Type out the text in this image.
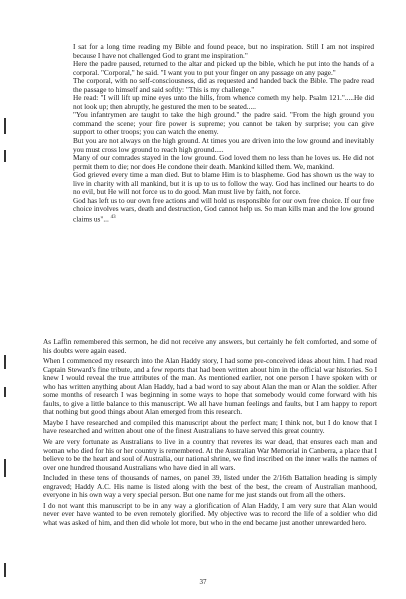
I sat for a long time reading my Bible and found peace, but no inspiration. Still I am not inspired because I have not challenged God to grant me inspiration."

Here the padre paused, returned to the altar and picked up the bible, which he put into the hands of a corporal. "Corporal," he said. "I want you to put your finger on any passage on any page."

The corporal, with no self-consciousness, did as requested and handed back the Bible. The padre read the passage to himself and said softly: "This is my challenge."

He read: "I will lift up mine eyes unto the hills, from whence cometh my help. Psalm 121.".....He did not look up; then abruptly, he gestured the men to be seated.....

"You infantrymen are taught to take the high ground." the padre said. "From the high ground you command the scene; your fire power is supreme; you cannot be taken by surprise; you can give support to other troops; you can watch the enemy.

But you are not always on the high ground. At times you are driven into the low ground and inevitably you must cross low ground to reach high ground.....

Many of our comrades stayed in the low ground. God loved them no less than he loves us. He did not permit them to die; nor does He condone their death. Mankind killed them. We, mankind.

God grieved every time a man died. But to blame Him is to blaspheme. God has shown us the way to live in charity with all mankind, but it is up to us to follow the way. God has inclined our hearts to do no evil, but He will not force us to do good. Man must live by faith, not force.

God has left us to our own free actions and will hold us responsible for our own free choice. If our free choice involves wars, death and destruction, God cannot help us. So man kills man and the low ground claims us"... $^{43}$

As Laffin remembered this sermon, he did not receive any answers, but certainly he felt comforted, and some of his doubts were again eased.

When I commenced my research into the Alan Haddy story, I had some pre-conceived ideas about him. I had read Captain Steward's fine tribute, and a few reports that had been written about him in the official war histories. So I knew I would reveal the true attributes of the man. As mentioned earlier, not one person I have spoken with or who has written anything about Alan Haddy, had a bad word to say about Alan the man or Alan the soldier. After some months of research I was beginning in some ways to hope that somebody would come forward with his faults, to give a little balance to this manuscript. We all have human feelings and faults, but I am happy to report that nothing but good things about Alan emerged from this research.

Maybe I have researched and compiled this manuscript about the perfect man; I think not, but I do know that I have researched and written about one of the finest Australians to have served this great country.

We are very fortunate as Australians to live in a country that reveres its war dead, that ensures each man and woman who died for his or her country is remembered. At the Australian War Memorial in Canberra, a place that I believe to be the heart and soul of Australia, our national shrine, we find inscribed on the inner walls the names of over one hundred thousand Australians who have died in all wars.

Included in these tens of thousands of names, on panel 39, listed under the 2/16th Battalion heading is simply engraved; Haddy A.C. His name is listed along with the best of the best, the cream of Australian manhood, everyone in his own way a very special person. But one name for me just stands out from all the others.

I do not want this manuscript to be in any way a glorification of Alan Haddy, I am very sure that Alan would never ever have wanted to be even remotely glorified. My objective was to record the life of a soldier who did what was asked of him, and then did whole lot more, but who in the end became just another unrewarded hero.

37
